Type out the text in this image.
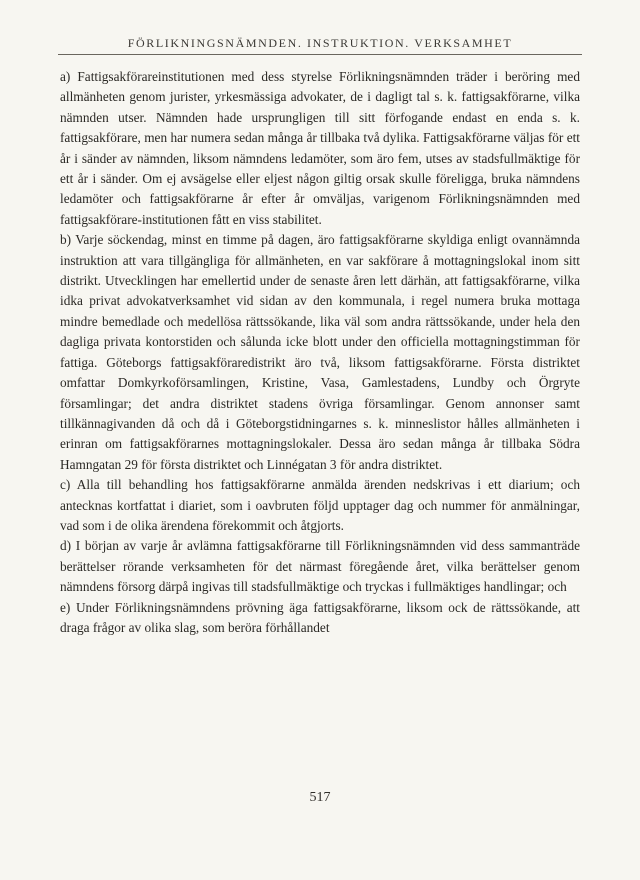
FÖRLIKNINGSNÄMNDEN. INSTRUKTION. VERKSAMHET

a) Fattigsakförareinstitutionen med dess styrelse Förlikningsnämnden träder i beröring med allmänheten genom jurister, yrkesmässiga advokater, de i dagligt tal s. k. fattigsakförarne, vilka nämnden utser. Nämnden hade ursprungligen till sitt förfogande endast en enda s. k. fattigsakförare, men har numera sedan många år tillbaka två dylika. Fattigsakförarne väljas för ett år i sänder av nämnden, liksom nämndens ledamöter, som äro fem, utses av stadsfullmäktige för ett år i sänder. Om ej avsägelse eller eljest någon giltig orsak skulle föreligga, bruka nämndens ledamöter och fattigsakförarne år efter år omväljas, varigenom Förlikningsnämnden med fattigsakförare-institutionen fått en viss stabilitet.

b) Varje söckendag, minst en timme på dagen, äro fattigsakförarne skyldiga enligt ovannämnda instruktion att vara tillgängliga för allmänheten, en var sakförare å mottagningslokal inom sitt distrikt. Utvecklingen har emellertid under de senaste åren lett därhän, att fattigsakförarne, vilka idka privat advokatverksamhet vid sidan av den kommunala, i regel numera bruka mottaga mindre bemedlade och medellösa rättssökande, lika väl som andra rättssökande, under hela den dagliga privata kontorstiden och sålunda icke blott under den officiella mottagningstimman för fattiga. Göteborgs fattigsakföraredistrikt äro två, liksom fattigsakförarne. Första distriktet omfattar Domkyrkoförsamlingen, Kristine, Vasa, Gamlestadens, Lundby och Örgryte församlingar; det andra distriktet stadens övriga församlingar. Genom annonser samt tillkännagivanden då och då i Göteborgstidningarnes s. k. minneslistor hålles allmänheten i erinran om fattigsakförarnes mottagningslokaler. Dessa äro sedan många år tillbaka Södra Hamngatan 29 för första distriktet och Linnégatan 3 för andra distriktet.

c) Alla till behandling hos fattigsakförarne anmälda ärenden nedskrivas i ett diarium; och antecknas kortfattat i diariet, som i oavbruten följd upptager dag och nummer för anmälningar, vad som i de olika ärendena förekommit och åtgjorts.

d) I början av varje år avlämna fattigsakförarne till Förlikningsnämnden vid dess sammanträde berättelser rörande verksamheten för det närmast föregående året, vilka berättelser genom nämndens försorg därpå ingivas till stadsfullmäktige och tryckas i fullmäktiges handlingar; och

e) Under Förlikningsnämndens prövning äga fattigsakförarne, liksom ock de rättssökande, att draga frågor av olika slag, som beröra förhållandet

517
